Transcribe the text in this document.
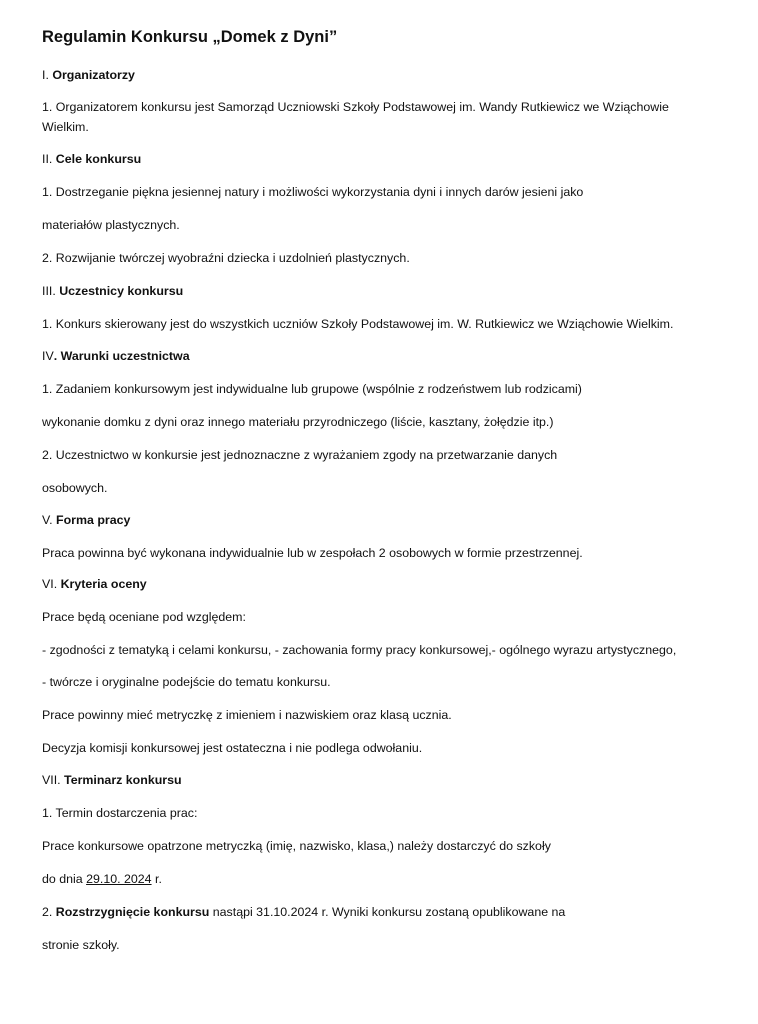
Regulamin Konkursu „Domek z Dyni”
I. Organizatorzy
1. Organizatorem konkursu jest Samorząd Uczniowski Szkoły Podstawowej im. Wandy Rutkiewicz we Wziąchowie
Wielkim.
II. Cele konkursu
1. Dostrzeganie piękna jesiennej natury i możliwości wykorzystania dyni i innych darów jesieni jako
materiałów plastycznych.
2. Rozwijanie twórczej wyobraźni dziecka i uzdolnień plastycznych.
III. Uczestnicy konkursu
1. Konkurs skierowany jest do wszystkich uczniów Szkoły Podstawowej im. W. Rutkiewicz we Wziąchowie Wielkim.
IV. Warunki uczestnictwa
1. Zadaniem konkursowym jest indywidualne lub grupowe (wspólnie z rodzeństwem lub rodzicami)
wykonanie domku z dyni oraz innego materiału przyrodniczego (liście, kasztany, żołędzie itp.)
2. Uczestnictwo w konkursie jest jednoznaczne z wyrażaniem zgody na przetwarzanie danych
osobowych.
V. Forma pracy
Praca powinna być wykonana indywidualnie lub w zespołach 2 osobowych w formie przestrzennej.
VI. Kryteria oceny
Prace będą oceniane pod względem:
- zgodności z tematyką i celami konkursu, - zachowania formy pracy konkursowej,- ogólnego wyrazu artystycznego,
- twórcze i oryginalne podejście do tematu konkursu.
Prace powinny mieć metryczkę z imieniem i nazwiskiem oraz klasą ucznia.
Decyzja komisji konkursowej jest ostateczna i nie podlega odwołaniu.
VII. Terminarz konkursu
1. Termin dostarczenia prac:
Prace konkursowe opatrzone metryczką (imię, nazwisko, klasa,) należy dostarczyć do szkoły
do dnia 29.10. 2024 r.
2. Rozstrzygnięcie konkursu nastąpi 31.10.2024 r. Wyniki konkursu zostaną opublikowane na
stronie szkoły.
